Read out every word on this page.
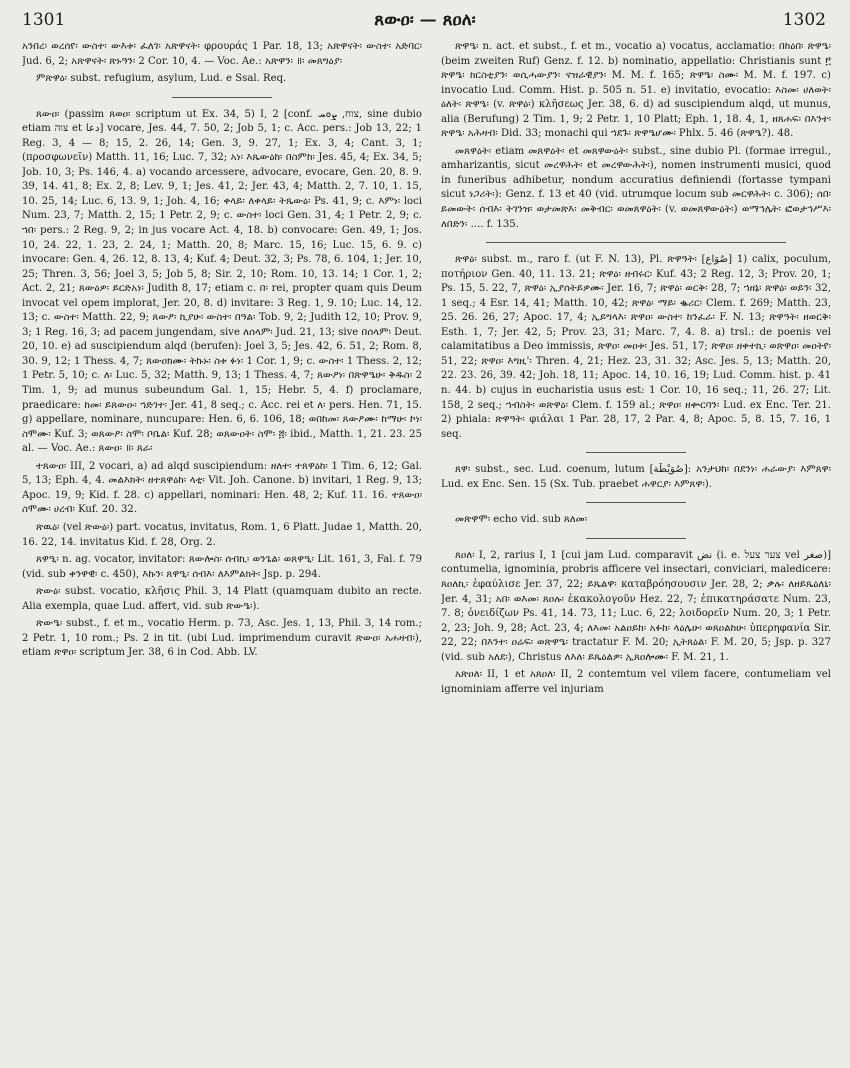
1301	ጸውዐ፡ — ጸዐለ፡	1302

አንበረ፡ ወረሰየ፡ ውስተ፡ ውእቱ፡ ፈለገ፡ አጽዋናት፡ φρουράς 1 Par. 18, 13; አጽዋናት፡ ውስተ፡ አድባር፡ Jud. 6, 2; አጽዋናት፡ ጽኑዓን፡ 2 Cor. 10, 4. — Voc. Ae.: አጽዋን፡ ॥፡ መጸግዕያ፡

ምጽዋዕ፡ subst. refugium, asylum, Lud. e Ssal. Req.

ጸውዐ፡ (passim ጸወዐ፡ scriptum ut Ex. 34, 5) I, 2 [conf. צוח, ܨܘܚ, sine dubio etiam צוה et دعا] vocare, Jes. 44, 7. 50, 2; Job 5, 1; c. Acc. pers.: Job 13, 22; 1 Reg. 3, 4 — 8; 15, 2. 26, 14; Gen. 3, 9. 27, 1; Ex. 3, 4; Cant. 3, 1; (προσφωνεῖν) Matth. 11, 16; Luc. 7, 32; አነ፡ እጼውዕከ፡ በስምከ፡ Jes. 45, 4; Ex. 34, 5; Job. 10, 3; Ps. 146, 4. a) vocando arcessere, advocare, evocare, Gen. 20, 8. 9. 39, 14. 41, 8; Ex. 2, 8; Lev. 9, 1; Jes. 41, 2; Jer. 43, 4; Matth. 2, 7. 10, 1. 15, 10. 25, 14; Luc. 6, 13. 9, 1; Joh. 4, 16; ቀላይ፡ ለቀላይ፡ ትጼውዕ፡ Ps. 41, 9; c. እምነ፡ loci Num. 23, 7; Matth. 2, 15; 1 Petr. 2, 9; c. ውስተ፡ loci Gen. 31, 4; 1 Petr. 2, 9; c. ኀበ፡ pers.: 2 Reg. 9, 2; in jus vocare Act. 4, 18. b) convocare: Gen. 49, 1; Jos. 10, 24. 22, 1. 23, 2. 24, 1; Matth. 20, 8; Marc. 15, 16; Luc. 15, 6. 9. c) invocare: Gen. 4, 26. 12, 8. 13, 4; Kuf. 4; Deut. 32, 3; Ps. 78, 6. 104, 1; Jer. 10, 25; Thren. 3, 56; Joel 3, 5; Job 5, 8; Sir. 2, 10; Rom. 10, 13. 14; 1 Cor. 1, 2; Act. 2, 21; ጸውዕዎ፡ ይርድአነ፡ Judith 8, 17; etiam c. በ፡ rei, propter quam quis Deum invocat vel opem implorat, Jer. 20, 8. d) invitare: 3 Reg. 1, 9. 10; Luc. 14, 12. 13; c. ውስተ፡ Matth. 22, 9; ጸውዖ፡ ኪያሁ፡ ውስተ፡ በዓል፡ Tob. 9, 2; Judith 12, 10; Prov. 9, 3; 1 Reg. 16, 3; ad pacem jungendam, sive ለሰላም፡ Jud. 21, 13; sive በሰላም፡ Deut. 20, 10. e) ad suscipiendum alqd (berufen): Joel 3, 5; Jes. 42, 6. 51, 2; Rom. 8, 30. 9, 12; 1 Thess. 4, 7; ጸውዐክሙ፡ ትኩኑ፡ ስቱ ፉነ፡ 1 Cor. 1, 9; c. ውስተ፡ 1 Thess. 2, 12; 1 Petr. 5, 10; c. ለ፡ Luc. 5, 32; Matth. 9, 13; 1 Thess. 4, 7; ጸውዖነ፡ በጽዋዔሁ፡ ቅዱስ፡ 2 Tim. 1, 9; ad munus subeundum Gal. 1, 15; Hebr. 5, 4. f) proclamare, praedicare: ከመ፡ ይጸውዑ፡ ኀድገተ፡ Jer. 41, 8 seq.; c. Acc. rei et ለ፡ pers. Hen. 71, 15. g) appellare, nominare, nuncupare: Hen. 6, 6. 106, 18; ወበከመ፡ ጸውዖሙ፡ ከማሁ፡ ኮነ፡ ስሞሙ፡ Kuf. 3; ወጸውዖ፡ ስሞ፡ ቦቤል፡ Kuf. 28; ወጸውዐት፡ ስሞ፡ ፭፡ ibid., Matth. 1, 21. 23. 25 al. — Voc. Ae.: ጸውዐ፡ ॥፡ ጸራ፡

ተጸውዐ፡ III, 2 vocari, a) ad alqd suscipiendum: ዘለተ፡ ተጸዋዕከ፡ 1 Tim. 6, 12; Gal. 5, 13; Eph. 4, 4. መልእክት፡ ዘተጸዋዕከ፡ ላቲ፡ Vit. Joh. Canone. b) invitari, 1 Reg. 9, 13; Apoc. 19, 9; Kid. f. 28. c) appellari, nominari: Hen. 48, 2; Kuf. 11. 16. ተጸውዐ፡ ስሞሙ፡ ሀረብ፡ Kuf. 20. 32.

ጽዉዕ፡ (vel ጽውዕ፡) part. vocatus, invitatus, Rom. 1, 6 Platt. Judae 1, Matth. 20, 16. 22, 14. invitatus Kid. f. 28, Org. 2.

ጸዋዒ፡ n. ag. vocator, invitator: ጸውሎስ፡ ሰብኪ፡ ወንጌል፡ ወጸዋዒ፡ Lit. 161, 3, Fal. f. 79 (vid. sub ቀንዋዊ፡ c. 450), እኩን፡ ጸዋዒ፡ ሰብእ፡ ለእምልክት፡ Jsp. p. 294.

ጽውዕ፡ subst. vocatio, κλῆσις Phil. 3, 14 Platt (quamquam dubito an recte. Alia exempla, quae Lud. affert, vid. sub ጽውዔ፡).

ጽውዔ፡ subst., f. et m., vocatio Herm. p. 73, Asc. Jes. 1, 13, Phil. 3, 14 rom.; 2 Petr. 1, 10 rom.; Ps. 2 in tit. (ubi Lud. imprimendum curavit ጽውዐ፡ አሐዛብ፡), etiam ጽዋዐ፡ scriptum Jer. 38, 6 in Cod. Abb. LV.

ጽዋዔ፡ n. act. et subst., f. et m., vocatio a) vocatus, acclamatio: በከዕበ፡ ጽዋዔ፡ (beim zweiten Ruf) Genz. f. 12. b) nominatio, appellatio: Christianis sunt ፫ ጽዋዔ፡ ክርስቲያን፡ ወሲሓውያን፡ ናዝራዊያን፡ M. M. f. 165; ጽዋዔ፡ ስሙ፡ M. M. f. 197. c) invocatio Lud. Comm. Hist. p. 505 n. 51. e) invitatio, evocatio: እስመ፡ ሀለወት፡ ዕለት፡ ጽዋዔ፡ (v. ጽዋዕ፡) κλῆσεως Jer. 38, 6. d) ad suscipiendum alqd, ut munus, alia (Berufung) 2 Tim. 1, 9; 2 Petr. 1, 10 Platt; Eph. 1, 18. 4, 1, ዘጸሐፍ፡ በእንተ፡ ጽዋዔ፡ አሕዛብ፡ Did. 33; monachi qui ኀደጉ፡ ጽዋዔሆሙ፡ Phlx. 5. 46 (ጽዋዔ?). 48.

መጸዋዕት፡ etiam መጸዋዕት፡ et መጸዋውዕት፡ subst., sine dubio Pl. (formae irregul., amharizantis, sicut መረዋሕት፡ et መረዋውሕት፡), nomen instrumenti musici, quod in funeribus adhibetur, nondum accuratius definiendi (fortasse tympani sicut ነጋሪት፡): Genz. f. 13 et 40 (vid. utrumque locum sub መርዋሕት፡ c. 306); ሰበ፡ ይመውት፡ ሰብእ፡ ትገንዝ፡ ወታመጽእ፡ መቅብር፡ ወመጸዋዕት፡ (v. ወመጸዋውዕት፡) ወማኅሌት፡ ፎወታኅሥእ፡ ለበድን፡ .... f. 135.

ጽዋዕ፡ subst. m., raro f. (ut F. N. 13), Pl. ጽዋዓት፡ [صُوَاع] 1) calix, poculum, ποτήριον Gen. 40, 11. 13. 21; ጽዋዕ፡ ዘብሩር፡ Kuf. 43; 2 Reg. 12, 3; Prov. 20, 1; Ps. 15, 5. 22, 7, ጽዋዕ፡ ኢያሰትይዎሙ፡ Jer. 16, 7; ጽዋዕ፡ ወርቅ፡ 28, 7; ኀዘኔ፡ ጽዋዕ፡ ወይን፡ 32, 1 seq.; 4 Esr. 14, 41; Matth. 10, 42; ጽዋዕ፡ ማይ፡ ቈሪር፡ Clem. f. 269; Matth. 23, 25. 26. 26, 27; Apoc. 17, 4; ኢይግላእ፡ ጽዋዐ፡ ውስተ፡ ከንፈራ፡ F. N. 13; ጽዋዓት፡ ዘወርቅ፡ Esth. 1, 7; Jer. 42, 5; Prov. 23, 31; Marc. 7, 4. 8. a) trsl.: de poenis vel calamitatibus a Deo immissis, ጽዋዐ፡ መዐቱ፡ Jes. 51, 17; ጽዋዐ፡ ዘቀተኪ፡ ወጽዋዐ፡ መዐትየ፡ 51, 22; ጽዋዐ፡ እግዚ'፡ Thren. 4, 21; Hez. 23, 31. 32; Asc. Jes. 5, 13; Matth. 20, 22. 23. 26, 39. 42; Joh. 18, 11; Apoc. 14, 10. 16, 19; Lud. Comm. hist. p. 41 n. 44. b) cujus in eucharistia usus est: 1 Cor. 10, 16 seq.; 11, 26. 27; Lit. 158, 2 seq.; ኀብስት፡ ወጽዋዕ፡ Clem. f. 159 al.; ጽዋዐ፡ ዘቍርባን፡ Lud. ex Enc. Ter. 21. 2) phiala: ጽዋዓት፡ φιάλαι 1 Par. 28, 17, 2 Par. 4, 8; Apoc. 5, 8. 15, 7. 16, 1 seq.

ጸዋ፡ subst., sec. Lud. coenum, lutum [صُوَيْطَة]: አንታህከ፡ በደንነ፡ ሐራውያ፡ እምጸዋ፡ Lud. ex Enc. Sen. 15 (Sx. Tub. praebet ሐዋርያ፡ እምጸዋ፡).

መጽዋሞ፡ echo vid. sub ጸለመ፡

ጸዐለ፡ I, 2, rarius I, 1 [cui jam Lud. comparavit نض (i. e. צער צעל vel صغر)] contumelia, ignominia, probris afficere vel insectari, conviciari, maledicere: ጸዐለኪ፡ ἐφαύλισε Jer. 37, 22; ይጼልዋ፡ καταβρόησουσιν Jer. 28, 2; ቃሉ፡ ለዘይጼዕለኒ፡ Jer. 4, 31; አበ፡ ወእመ፡ ጸዐሉ፡ ἐκακολογοῦν Hez. 22, 7; ἐπικατηράσατε Num. 23, 7. 8; ὀνειδίζων Ps. 41, 14. 73, 11; Luc. 6, 22; λοιδορεῖν Num. 20, 3; 1 Petr. 2, 23; Joh. 9, 28; Act. 23, 4; ለእመ፡ አልዐይከ፡ አፉከ፡ ላዕሌሁ፡ ወጸዐልከሁ፡ ὑπερηφανία Sir. 22, 22; በእንተ፡ ዐሬፍ፡ ወጽዋዔ፡ tractatur F. M. 20; ኢትጸዕል፡ F. M. 20, 5; Jsp. p. 327 (vid. sub አለደ፡), Christus ለእለ፡ ይጼዕልዎ፡ ኢጸዐሎሙ፡ F. M. 21, 1.

አጽዐለ፡ II, 1 et አጸዐለ፡ II, 2 contemtum vel vilem facere, contumeliam vel ignominiam afferre vel injuriam
